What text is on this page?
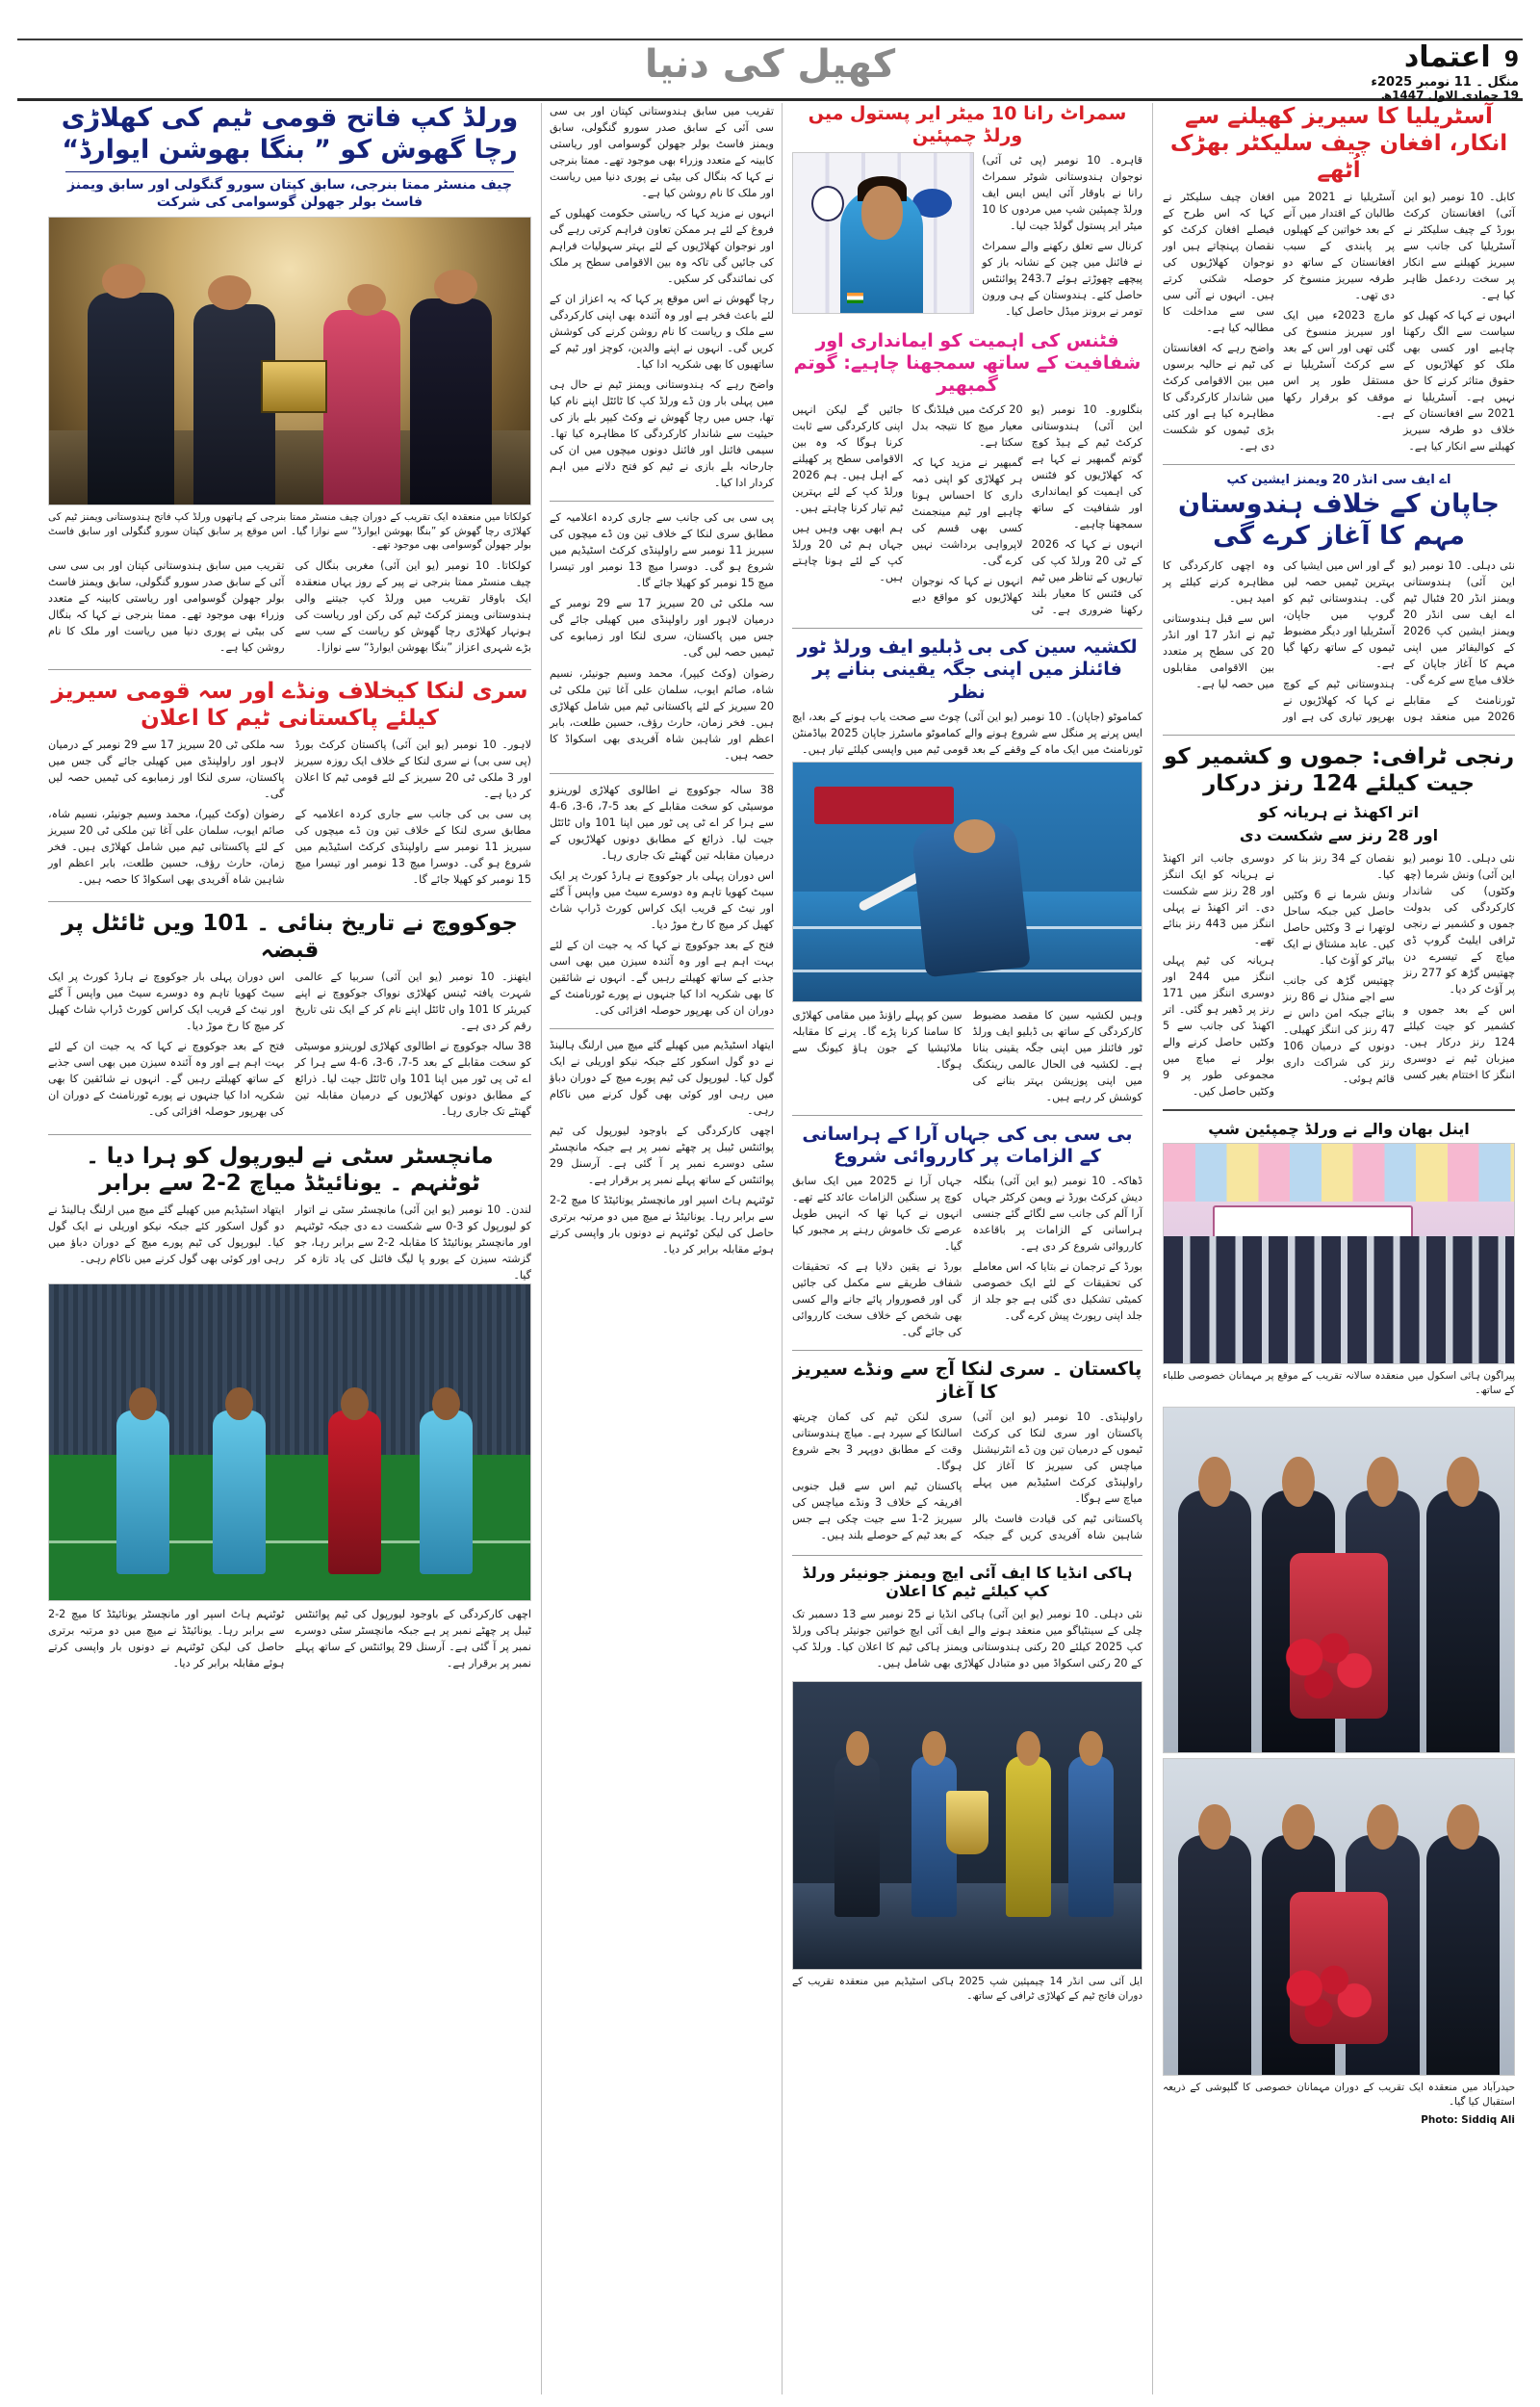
اعتماد 9
منگل ۔ 11 نومبر 2025ء
19 جمادی الاول 1447ھ
کھیل کی دنیا
آسٹریلیا کا سیریز کھیلنے سے انکار، افغان چیف سلیکٹر بھڑک اُٹھے

کابل۔ 10 نومبر (یو این آئی) افغانستان کرکٹ بورڈ کے چیف سلیکٹر نے آسٹریلیا کی جانب سے سیریز کھیلنے سے انکار پر سخت ردعمل ظاہر کیا ہے۔

انہوں نے کہا کہ کھیل کو سیاست سے الگ رکھنا چاہیے اور کسی بھی ملک کو کھلاڑیوں کے حقوق متاثر کرنے کا حق نہیں ہے۔ آسٹریلیا نے 2021 سے افغانستان کے خلاف دو طرفہ سیریز کھیلنے سے انکار کیا ہے۔

آسٹریلیا نے 2021 میں طالبان کے اقتدار میں آنے کے بعد خواتین کے کھیلوں پر پابندی کے سبب افغانستان کے ساتھ دو طرفہ سیریز منسوخ کر دی تھی۔

مارچ 2023ء میں ایک اور سیریز منسوخ کی گئی تھی اور اس کے بعد سے کرکٹ آسٹریلیا نے مستقل طور پر اس موقف کو برقرار رکھا ہے۔

افغان چیف سلیکٹر نے کہا کہ اس طرح کے فیصلے افغان کرکٹ کو نقصان پہنچاتے ہیں اور نوجوان کھلاڑیوں کی حوصلہ شکنی کرتے ہیں۔ انہوں نے آئی سی سی سے مداخلت کا مطالبہ کیا ہے۔

واضح رہے کہ افغانستان کی ٹیم نے حالیہ برسوں میں بین الاقوامی کرکٹ میں شاندار کارکردگی کا مظاہرہ کیا ہے اور کئی بڑی ٹیموں کو شکست دی ہے۔

اے ایف سی انڈر 20 ویمنز ایشین کپ
جاپان کے خلاف ہندوستان مہم کا آغاز کرے گی

نئی دہلی۔ 10 نومبر (یو این آئی) ہندوستانی ویمنز انڈر 20 فٹبال ٹیم اے ایف سی انڈر 20 ویمنز ایشین کپ 2026 کے کوالیفائر میں اپنی مہم کا آغاز جاپان کے خلاف میاچ سے کرے گی۔

ٹورنامنٹ کے مقابلے 2026 میں منعقد ہوں گے اور اس میں ایشیا کی بہترین ٹیمیں حصہ لیں گی۔ ہندوستانی ٹیم کو گروپ میں جاپان، آسٹریلیا اور دیگر مضبوط ٹیموں کے ساتھ رکھا گیا ہے۔

ہندوستانی ٹیم کے کوچ نے کہا کہ کھلاڑیوں نے بھرپور تیاری کی ہے اور وہ اچھی کارکردگی کا مظاہرہ کرنے کیلئے پر امید ہیں۔

اس سے قبل ہندوستانی ٹیم نے انڈر 17 اور انڈر 20 کی سطح پر متعدد بین الاقوامی مقابلوں میں حصہ لیا ہے۔

رنجی ٹرافی: جموں و کشمیر کو جیت کیلئے 124 رنز درکار
اتر اکھنڈ نے ہریانہ کو
اور 28 رنز سے شکست دی

نئی دہلی۔ 10 نومبر (یو این آئی) ونش شرما (چھ وکٹوں) کی شاندار کارکردگی کی بدولت جموں و کشمیر نے رنجی ٹرافی ایلیٹ گروپ ڈی میاچ کے تیسرے دن چھتیس گڑھ کو 277 رنز پر آؤٹ کر دیا۔

اس کے بعد جموں و کشمیر کو جیت کیلئے 124 رنز درکار ہیں۔ میزبان ٹیم نے دوسری اننگز کا اختتام بغیر کسی نقصان کے 34 رنز بنا کر کیا۔

ونش شرما نے 6 وکٹیں حاصل کیں جبکہ ساحل لوتھرا نے 3 وکٹیں حاصل کیں۔ عابد مشتاق نے ایک بیاٹر کو آؤٹ کیا۔

چھتیس گڑھ کی جانب سے اجے منڈل نے 86 رنز بنائے جبکہ امن داس نے 47 رنز کی اننگز کھیلی۔ دونوں کے درمیان 106 رنز کی شراکت داری قائم ہوئی۔

دوسری جانب اتر اکھنڈ نے ہریانہ کو ایک اننگز اور 28 رنز سے شکست دی۔ اتر اکھنڈ نے پہلی اننگز میں 443 رنز بنائے تھے۔

ہریانہ کی ٹیم پہلی اننگز میں 244 اور دوسری اننگز میں 171 رنز پر ڈھیر ہو گئی۔ اتر اکھنڈ کی جانب سے 5 وکٹیں حاصل کرنے والے بولر نے میاچ میں مجموعی طور پر 9 وکٹیں حاصل کیں۔

اینل بھان والے نے ورلڈ چمپئین شپ
پیراگون ہائی اسکول میں منعقدہ سالانہ تقریب کے موقع پر مہمانان خصوصی طلباء کے ساتھ۔
حیدرآباد میں منعقدہ ایک تقریب کے دوران مہمانان خصوصی کا گلپوشی کے ذریعہ استقبال کیا گیا۔
Photo: Siddiq Ali
سمراٹ رانا 10 میٹر ایر پستول میں ورلڈ چمپئین

قاہرہ۔ 10 نومبر (پی ٹی آئی) نوجوان ہندوستانی شوٹر سمراٹ رانا نے باوقار آئی ایس ایس ایف ورلڈ چمپئین شپ میں مردوں کا 10 میٹر ایر پستول گولڈ جیت لیا۔

کرنال سے تعلق رکھنے والے سمراٹ نے فائنل میں چین کے نشانہ باز کو پیچھے چھوڑتے ہوئے 243.7 پوائنٹس حاصل کئے۔ ہندوستان کے ہی ورون تومر نے برونز میڈل حاصل کیا۔

فٹنس کی اہمیت کو ایمانداری اور شفافیت کے ساتھ سمجھنا چاہیے: گوتم گمبھیر

بنگلورو۔ 10 نومبر (یو این آئی) ہندوستانی کرکٹ ٹیم کے ہیڈ کوچ گوتم گمبھیر نے کہا ہے کہ کھلاڑیوں کو فٹنس کی اہمیت کو ایمانداری اور شفافیت کے ساتھ سمجھنا چاہیے۔

انہوں نے کہا کہ 2026 کے ٹی 20 ورلڈ کپ کی تیاریوں کے تناظر میں ٹیم کی فٹنس کا معیار بلند رکھنا ضروری ہے۔ ٹی 20 کرکٹ میں فیلڈنگ کا معیار میچ کا نتیجہ بدل سکتا ہے۔

گمبھیر نے مزید کہا کہ ہر کھلاڑی کو اپنی ذمہ داری کا احساس ہونا چاہیے اور ٹیم مینجمنٹ کسی بھی قسم کی لاپرواہی برداشت نہیں کرے گی۔

انہوں نے کہا کہ نوجوان کھلاڑیوں کو مواقع دیے جائیں گے لیکن انہیں اپنی کارکردگی سے ثابت کرنا ہوگا کہ وہ بین الاقوامی سطح پر کھیلنے کے اہل ہیں۔ ہم 2026 ورلڈ کپ کے لئے بہترین ٹیم تیار کرنا چاہتے ہیں۔

ہم ابھی بھی وہیں ہیں جہاں ہم ٹی 20 ورلڈ کپ کے لئے ہونا چاہتے ہیں۔

لکشیہ سین کی بی ڈبلیو ایف ورلڈ ٹور فائنلز میں اپنی جگہ یقینی بنانے پر نظر

کماموٹو (جاپان)۔ 10 نومبر (یو این آئی) چوٹ سے صحت یاب ہونے کے بعد، ایچ ایس پرنے پر منگل سے شروع ہونے والے کماموٹو ماسٹرز جاپان 2025 بیاڈمنٹن ٹورنامنٹ میں ایک ماہ کے وقفے کے بعد قومی ٹیم میں واپسی کیلئے تیار ہیں۔

وہیں لکشیہ سین کا مقصد مضبوط کارکردگی کے ساتھ بی ڈبلیو ایف ورلڈ ٹور فائنلز میں اپنی جگہ یقینی بنانا ہے۔ لکشیہ فی الحال عالمی رینکنگ میں اپنی پوزیشن بہتر بنانے کی کوشش کر رہے ہیں۔

سین کو پہلے راؤنڈ میں مقامی کھلاڑی کا سامنا کرنا پڑے گا۔ پرنے کا مقابلہ ملائیشیا کے جون ہاؤ کیونگ سے ہوگا۔

بی سی بی کی جہاں آرا کے ہراسانی کے الزامات پر کارروائی شروع

ڈھاکہ۔ 10 نومبر (یو این آئی) بنگلہ دیش کرکٹ بورڈ نے ویمن کرکٹر جہاں آرا آلم کی جانب سے لگائے گئے جنسی ہراسانی کے الزامات پر باقاعدہ کارروائی شروع کر دی ہے۔

بورڈ کے ترجمان نے بتایا کہ اس معاملے کی تحقیقات کے لئے ایک خصوصی کمیٹی تشکیل دی گئی ہے جو جلد از جلد اپنی رپورٹ پیش کرے گی۔

جہاں آرا نے 2025 میں ایک سابق کوچ پر سنگین الزامات عائد کئے تھے۔ انہوں نے کہا تھا کہ انہیں طویل عرصے تک خاموش رہنے پر مجبور کیا گیا۔

بورڈ نے یقین دلایا ہے کہ تحقیقات شفاف طریقے سے مکمل کی جائیں گی اور قصوروار پائے جانے والے کسی بھی شخص کے خلاف سخت کارروائی کی جائے گی۔

پاکستان ۔ سری لنکا آج سے ونڈے سیریز کا آغاز

راولپنڈی۔ 10 نومبر (یو این آئی) پاکستان اور سری لنکا کی کرکٹ ٹیموں کے درمیان تین ون ڈے انٹرنیشنل میاچس کی سیریز کا آغاز کل راولپنڈی کرکٹ اسٹیڈیم میں پہلے میاچ سے ہوگا۔

پاکستانی ٹیم کی قیادت فاسٹ بالر شاہین شاہ آفریدی کریں گے جبکہ سری لنکن ٹیم کی کمان چریتھ اسالنکا کے سپرد ہے۔ میاچ ہندوستانی وقت کے مطابق دوپہر 3 بجے شروع ہوگا۔

پاکستان ٹیم اس سے قبل جنوبی افریقہ کے خلاف 3 ونڈے میاچس کی سیریز 2-1 سے جیت چکی ہے جس کے بعد ٹیم کے حوصلے بلند ہیں۔

ہاکی انڈیا کا ایف آئی ایچ ویمنز جونیئر ورلڈ کپ کیلئے ٹیم کا اعلان

نئی دہلی۔ 10 نومبر (یو این آئی) ہاکی انڈیا نے 25 نومبر سے 13 دسمبر تک چلی کے سینٹیاگو میں منعقد ہونے والے ایف آئی ایچ خواتین جونیئر ہاکی ورلڈ کپ 2025 کیلئے 20 رکنی ہندوستانی ویمنز ہاکی ٹیم کا اعلان کیا۔ ورلڈ کپ کے 20 رکنی اسکواڈ میں دو متبادل کھلاڑی بھی شامل ہیں۔

ایل آئی سی انڈر 14 چیمپئین شپ 2025 ہاکی اسٹیڈیم میں منعقدہ تقریب کے دوران فاتح ٹیم کے کھلاڑی ٹرافی کے ساتھ۔

تقریب میں سابق ہندوستانی کپتان اور بی سی سی آئی کے سابق صدر سورو گنگولی، سابق ویمنز فاسٹ بولر جھولن گوسوامی اور ریاستی کابینہ کے متعدد وزراء بھی موجود تھے۔ ممتا بنرجی نے کہا کہ بنگال کی بیٹی نے پوری دنیا میں ریاست اور ملک کا نام روشن کیا ہے۔

انہوں نے مزید کہا کہ ریاستی حکومت کھیلوں کے فروغ کے لئے ہر ممکن تعاون فراہم کرتی رہے گی اور نوجوان کھلاڑیوں کے لئے بہتر سہولیات فراہم کی جائیں گی تاکہ وہ بین الاقوامی سطح پر ملک کی نمائندگی کر سکیں۔

رچا گھوش نے اس موقع پر کہا کہ یہ اعزاز ان کے لئے باعث فخر ہے اور وہ آئندہ بھی اپنی کارکردگی سے ملک و ریاست کا نام روشن کرنے کی کوشش کریں گی۔ انہوں نے اپنے والدین، کوچز اور ٹیم کے ساتھیوں کا بھی شکریہ ادا کیا۔

واضح رہے کہ ہندوستانی ویمنز ٹیم نے حال ہی میں پہلی بار ون ڈے ورلڈ کپ کا ٹائٹل اپنے نام کیا تھا، جس میں رچا گھوش نے وکٹ کیپر بلے باز کی حیثیت سے شاندار کارکردگی کا مظاہرہ کیا تھا۔ سیمی فائنل اور فائنل دونوں میچوں میں ان کی جارحانہ بلے بازی نے ٹیم کو فتح دلانے میں اہم کردار ادا کیا۔

پی سی بی کی جانب سے جاری کردہ اعلامیہ کے مطابق سری لنکا کے خلاف تین ون ڈے میچوں کی سیریز 11 نومبر سے راولپنڈی کرکٹ اسٹیڈیم میں شروع ہو گی۔ دوسرا میچ 13 نومبر اور تیسرا میچ 15 نومبر کو کھیلا جائے گا۔

سہ ملکی ٹی 20 سیریز 17 سے 29 نومبر کے درمیان لاہور اور راولپنڈی میں کھیلی جائے گی جس میں پاکستان، سری لنکا اور زمبابوے کی ٹیمیں حصہ لیں گی۔

رضوان (وکٹ کیپر)، محمد وسیم جونیئر، نسیم شاہ، صائم ایوب، سلمان علی آغا تین ملکی ٹی 20 سیریز کے لئے پاکستانی ٹیم میں شامل کھلاڑی ہیں۔ فخر زمان، حارث رؤف، حسین طلعت، بابر اعظم اور شاہین شاہ آفریدی بھی اسکواڈ کا حصہ ہیں۔

38 سالہ جوکووچ نے اطالوی کھلاڑی لورینزو موسیٹی کو سخت مقابلے کے بعد 5-7، 6-3، 6-4 سے ہرا کر اے ٹی پی ٹور میں اپنا 101 واں ٹائٹل جیت لیا۔ ذرائع کے مطابق دونوں کھلاڑیوں کے درمیان مقابلہ تین گھنٹے تک جاری رہا۔

اس دوران پہلی بار جوکووچ نے ہارڈ کورٹ پر ایک سیٹ کھویا تاہم وہ دوسرے سیٹ میں واپس آ گئے اور نیٹ کے قریب ایک کراس کورٹ ڈراپ شاٹ کھیل کر میچ کا رخ موڑ دیا۔

فتح کے بعد جوکووچ نے کہا کہ یہ جیت ان کے لئے بہت اہم ہے اور وہ آئندہ سیزن میں بھی اسی جذبے کے ساتھ کھیلتے رہیں گے۔ انہوں نے شائقین کا بھی شکریہ ادا کیا جنہوں نے پورے ٹورنامنٹ کے دوران ان کی بھرپور حوصلہ افزائی کی۔

ایتھاد اسٹیڈیم میں کھیلے گئے میچ میں ارلنگ ہالینڈ نے دو گول اسکور کئے جبکہ نیکو اوریلی نے ایک گول کیا۔ لیورپول کی ٹیم پورے میچ کے دوران دباؤ میں رہی اور کوئی بھی گول کرنے میں ناکام رہی۔

اچھی کارکردگی کے باوجود لیورپول کی ٹیم پوائنٹس ٹیبل پر چھٹے نمبر پر ہے جبکہ مانچسٹر سٹی دوسرے نمبر پر آ گئی ہے۔ آرسنل 29 پوائنٹس کے ساتھ پہلے نمبر پر برقرار ہے۔

ٹوٹنہم ہاٹ اسپر اور مانچسٹر یونائیٹڈ کا میچ 2-2 سے برابر رہا۔ یونائیٹڈ نے میچ میں دو مرتبہ برتری حاصل کی لیکن ٹوٹنہم نے دونوں بار واپسی کرتے ہوئے مقابلہ برابر کر دیا۔

ورلڈ کپ فاتح قومی ٹیم کی کھلاڑی رچا گھوش کو ” بنگا بھوشن ایوارڈ“
چیف منسٹر ممتا بنرجی، سابق کپتان سورو گنگولی اور سابق ویمنز فاسٹ بولر جھولن گوسوامی کی شرکت
کولکاتا میں منعقدہ ایک تقریب کے دوران چیف منسٹر ممتا بنرجی کے ہاتھوں ورلڈ کپ فاتح ہندوستانی ویمنز ٹیم کی کھلاڑی رچا گھوش کو ”بنگا بھوشن ایوارڈ“ سے نوازا گیا۔ اس موقع پر سابق کپتان سورو گنگولی اور سابق فاسٹ بولر جھولن گوسوامی بھی موجود تھے۔

کولکاتا۔ 10 نومبر (یو این آئی) مغربی بنگال کی چیف منسٹر ممتا بنرجی نے پیر کے روز یہاں منعقدہ ایک باوقار تقریب میں ورلڈ کپ جیتنے والی ہندوستانی ویمنز کرکٹ ٹیم کی رکن اور ریاست کی ہونہار کھلاڑی رچا گھوش کو ریاست کے سب سے بڑے شہری اعزاز ”بنگا بھوشن ایوارڈ“ سے نوازا۔

تقریب میں سابق ہندوستانی کپتان اور بی سی سی آئی کے سابق صدر سورو گنگولی، سابق ویمنز فاسٹ بولر جھولن گوسوامی اور ریاستی کابینہ کے متعدد وزراء بھی موجود تھے۔ ممتا بنرجی نے کہا کہ بنگال کی بیٹی نے پوری دنیا میں ریاست اور ملک کا نام روشن کیا ہے۔

سری لنکا کیخلاف ونڈے اور سہ قومی سیریز کیلئے پاکستانی ٹیم کا اعلان

لاہور۔ 10 نومبر (یو این آئی) پاکستان کرکٹ بورڈ (پی سی بی) نے سری لنکا کے خلاف ایک روزہ سیریز اور 3 ملکی ٹی 20 سیریز کے لئے قومی ٹیم کا اعلان کر دیا ہے۔

پی سی بی کی جانب سے جاری کردہ اعلامیہ کے مطابق سری لنکا کے خلاف تین ون ڈے میچوں کی سیریز 11 نومبر سے راولپنڈی کرکٹ اسٹیڈیم میں شروع ہو گی۔ دوسرا میچ 13 نومبر اور تیسرا میچ 15 نومبر کو کھیلا جائے گا۔

سہ ملکی ٹی 20 سیریز 17 سے 29 نومبر کے درمیان لاہور اور راولپنڈی میں کھیلی جائے گی جس میں پاکستان، سری لنکا اور زمبابوے کی ٹیمیں حصہ لیں گی۔

رضوان (وکٹ کیپر)، محمد وسیم جونیئر، نسیم شاہ، صائم ایوب، سلمان علی آغا تین ملکی ٹی 20 سیریز کے لئے پاکستانی ٹیم میں شامل کھلاڑی ہیں۔ فخر زمان، حارث رؤف، حسین طلعت، بابر اعظم اور شاہین شاہ آفریدی بھی اسکواڈ کا حصہ ہیں۔

جوکووچ نے تاریخ بنائی ۔ 101 ویں ٹائٹل پر قبضہ

ایتھنز۔ 10 نومبر (یو این آئی) سربیا کے عالمی شہرت یافتہ ٹینس کھلاڑی نوواک جوکووچ نے اپنے کیریئر کا 101 واں ٹائٹل اپنے نام کر کے ایک نئی تاریخ رقم کر دی ہے۔

38 سالہ جوکووچ نے اطالوی کھلاڑی لورینزو موسیٹی کو سخت مقابلے کے بعد 5-7، 6-3، 6-4 سے ہرا کر اے ٹی پی ٹور میں اپنا 101 واں ٹائٹل جیت لیا۔ ذرائع کے مطابق دونوں کھلاڑیوں کے درمیان مقابلہ تین گھنٹے تک جاری رہا۔

اس دوران پہلی بار جوکووچ نے ہارڈ کورٹ پر ایک سیٹ کھویا تاہم وہ دوسرے سیٹ میں واپس آ گئے اور نیٹ کے قریب ایک کراس کورٹ ڈراپ شاٹ کھیل کر میچ کا رخ موڑ دیا۔

فتح کے بعد جوکووچ نے کہا کہ یہ جیت ان کے لئے بہت اہم ہے اور وہ آئندہ سیزن میں بھی اسی جذبے کے ساتھ کھیلتے رہیں گے۔ انہوں نے شائقین کا بھی شکریہ ادا کیا جنہوں نے پورے ٹورنامنٹ کے دوران ان کی بھرپور حوصلہ افزائی کی۔

مانچسٹر سٹی نے لیورپول کو ہرا دیا ۔ ٹوٹنہم ۔ یونائیٹڈ میاچ 2-2 سے برابر

لندن۔ 10 نومبر (یو این آئی) مانچسٹر سٹی نے اتوار کو لیورپول کو 3-0 سے شکست دے دی جبکہ ٹوٹنہم اور مانچسٹر یونائیٹڈ کا مقابلہ 2-2 سے برابر رہا، جو گزشتہ سیزن کے یورو پا لیگ فائنل کی یاد تازہ کر گیا۔

ایتھاد اسٹیڈیم میں کھیلے گئے میچ میں ارلنگ ہالینڈ نے دو گول اسکور کئے جبکہ نیکو اوریلی نے ایک گول کیا۔ لیورپول کی ٹیم پورے میچ کے دوران دباؤ میں رہی اور کوئی بھی گول کرنے میں ناکام رہی۔

اچھی کارکردگی کے باوجود لیورپول کی ٹیم پوائنٹس ٹیبل پر چھٹے نمبر پر ہے جبکہ مانچسٹر سٹی دوسرے نمبر پر آ گئی ہے۔ آرسنل 29 پوائنٹس کے ساتھ پہلے نمبر پر برقرار ہے۔

ٹوٹنہم ہاٹ اسپر اور مانچسٹر یونائیٹڈ کا میچ 2-2 سے برابر رہا۔ یونائیٹڈ نے میچ میں دو مرتبہ برتری حاصل کی لیکن ٹوٹنہم نے دونوں بار واپسی کرتے ہوئے مقابلہ برابر کر دیا۔
